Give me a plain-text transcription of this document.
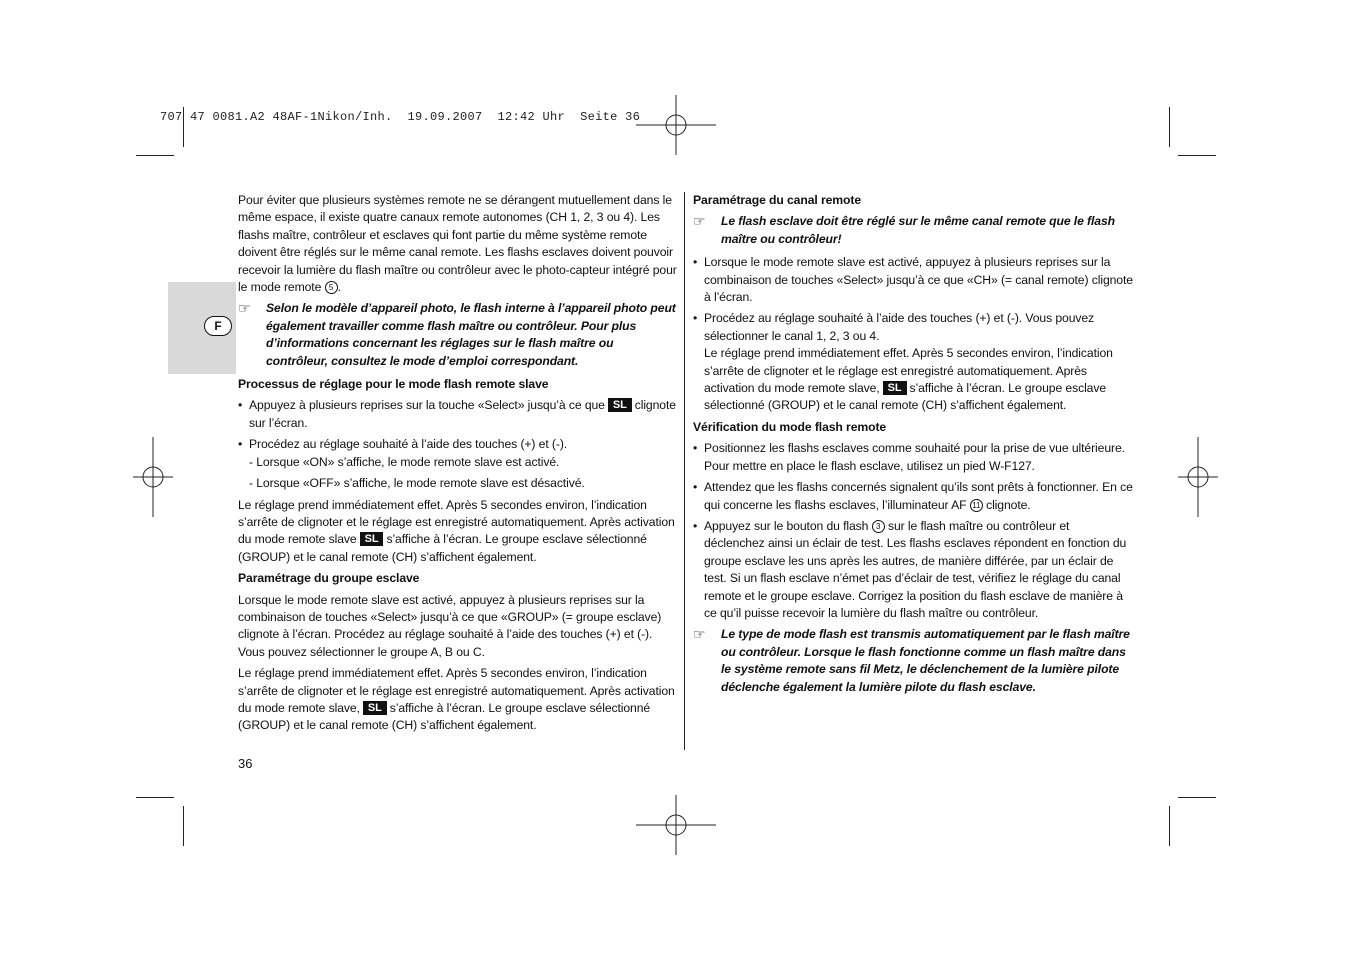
707 47 0081.A2 48AF-1Nikon/Inh.  19.09.2007  12:42 Uhr  Seite 36
F

Pour éviter que plusieurs systèmes remote ne se dérangent mutuellement dans le même espace, il existe quatre canaux remote autonomes (CH 1, 2, 3 ou 4). Les flashs maître, contrôleur et esclaves qui font partie du même système remote doivent être réglés sur le même canal remote. Les flashs esclaves doivent pouvoir recevoir la lumière du flash maître ou contrôleur avec le photo-capteur intégré pour le mode remote 5 .

☞ Selon le modèle d’appareil photo, le flash interne à l’appareil photo peut également travailler comme flash maître ou contrôleur. Pour plus d’informations concernant les réglages sur le flash maître ou contrôleur, consultez le mode d’emploi correspondant.

Processus de réglage pour le mode flash remote slave

• Appuyez à plusieurs reprises sur la touche «Select» jusqu’à ce que SL clignote sur l’écran.
• Procédez au réglage souhaité à l’aide des touches (+) et (-).

- Lorsque «ON» s’affiche, le mode remote slave est activé.

- Lorsque «OFF» s’affiche, le mode remote slave est désactivé.

Le réglage prend immédiatement effet. Après 5 secondes environ, l’indication s’arrête de clignoter et le réglage est enregistré automatiquement. Après activation du mode remote slave SL s’affiche à l’écran. Le groupe esclave sélectionné (GROUP) et le canal remote (CH) s’affichent également.

Paramétrage du groupe esclave

Lorsque le mode remote slave est activé, appuyez à plusieurs reprises sur la combinaison de touches «Select» jusqu’à ce que «GROUP» (= groupe esclave) clignote à l’écran. Procédez au réglage souhaité à l’aide des touches (+) et (-). Vous pouvez sélectionner le groupe A, B ou C.

Le réglage prend immédiatement effet. Après 5 secondes environ, l’indication s’arrête de clignoter et le réglage est enregistré automatiquement. Après activation du mode remote slave, SL s’affiche à l’écran. Le groupe esclave sélectionné (GROUP) et le canal remote (CH) s’affichent également.

36

Paramétrage du canal remote

☞ Le flash esclave doit être réglé sur le même canal remote que le flash maître ou contrôleur!
• Lorsque le mode remote slave est activé, appuyez à plusieurs reprises sur la combinaison de touches «Select» jusqu’à ce que «CH» (= canal remote) clignote à l’écran.
• Procédez au réglage souhaité à l’aide des touches (+) et (-). Vous pouvez sélectionner le canal 1, 2, 3 ou 4.
Le réglage prend immédiatement effet. Après 5 secondes environ, l’indication s’arrête de clignoter et le réglage est enregistré automatiquement. Après activation du mode remote slave, SL s’affiche à l’écran. Le groupe esclave sélectionné (GROUP) et le canal remote (CH) s’affichent également.

Vérification du mode flash remote

• Positionnez les flashs esclaves comme souhaité pour la prise de vue ultérieure. Pour mettre en place le flash esclave, utilisez un pied W-F127.
• Attendez que les flashs concernés signalent qu’ils sont prêts à fonctionner. En ce qui concerne les flashs esclaves, l’illuminateur AF 11 clignote.
• Appuyez sur le bouton du flash 3 sur le flash maître ou contrôleur et déclenchez ainsi un éclair de test. Les flashs esclaves répondent en fonction du groupe esclave les uns après les autres, de manière différée, par un éclair de test. Si un flash esclave n’émet pas d’éclair de test, vérifiez le réglage du canal remote et le groupe esclave. Corrigez la position du flash esclave de manière à ce qu’il puisse recevoir la lumière du flash maître ou contrôleur.
☞ Le type de mode flash est transmis automatiquement par le flash maître ou contrôleur. Lorsque le flash fonctionne comme un flash maître dans le système remote sans fil Metz, le déclenchement de la lumière pilote déclenche également la lumière pilote du flash esclave.
